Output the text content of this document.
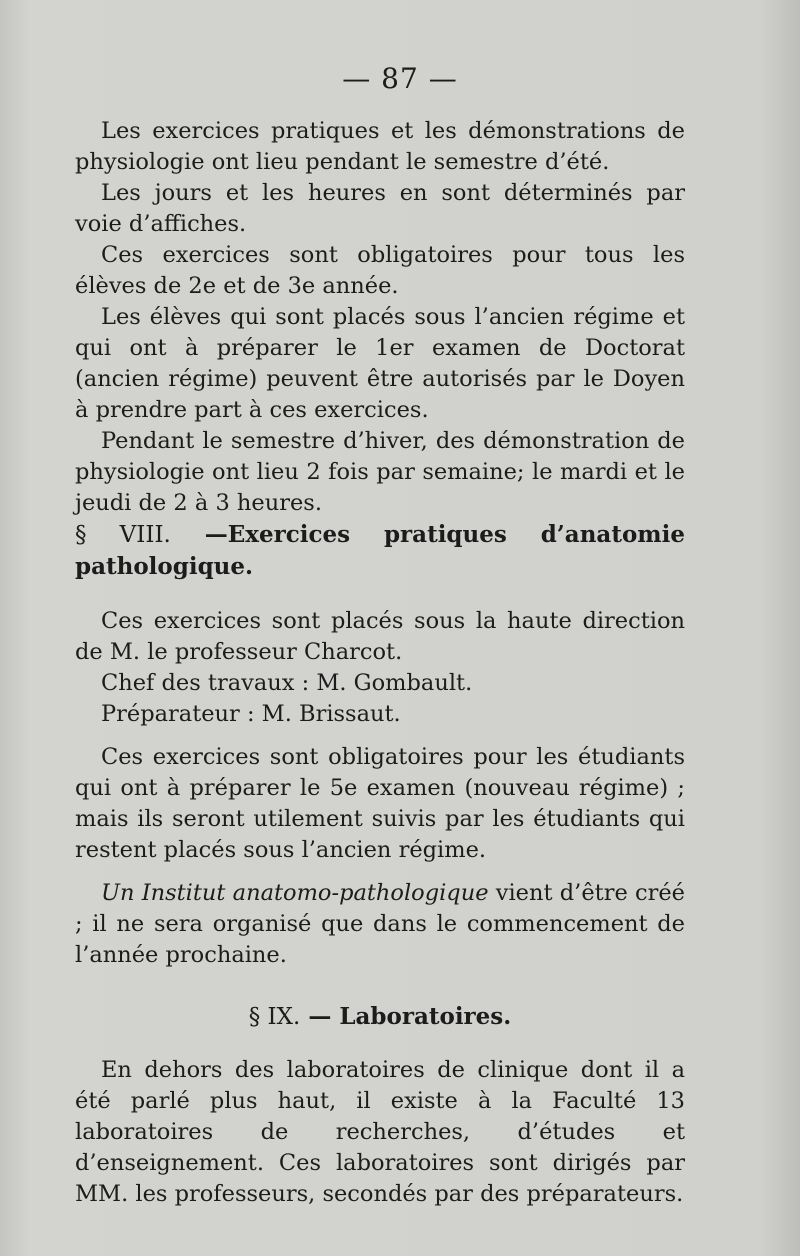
— 87 —

Les exercices pratiques et les démonstrations de physiologie ont lieu pendant le semestre d’été.

Les jours et les heures en sont déterminés par voie d’affiches.

Ces exercices sont obligatoires pour tous les élèves de 2e et de 3e année.

Les élèves qui sont placés sous l’ancien régime et qui ont à préparer le 1er examen de Doctorat (ancien régime) peuvent être autorisés par le Doyen à prendre part à ces exercices.

Pendant le semestre d’hiver, des démonstration de physiologie ont lieu 2 fois par semaine; le mardi et le jeudi de 2 à 3 heures.

§ VIII. —Exercices pratiques d’anatomie pathologique.

Ces exercices sont placés sous la haute direction de M. le professeur Charcot.

Chef des travaux : M. Gombault.

Préparateur : M. Brissaut.

Ces exercices sont obligatoires pour les étudiants qui ont à préparer le 5e examen (nouveau régime) ; mais ils seront utilement suivis par les étudiants qui restent placés sous l’ancien régime.

Un Institut anatomo-pathologique vient d’être créé ; il ne sera organisé que dans le commencement de l’année prochaine.

§ IX. — Laboratoires.

En dehors des laboratoires de clinique dont il a été parlé plus haut, il existe à la Faculté 13 laboratoires de recherches, d’études et d’enseignement. Ces laboratoires sont dirigés par MM. les professeurs, secondés par des préparateurs.
